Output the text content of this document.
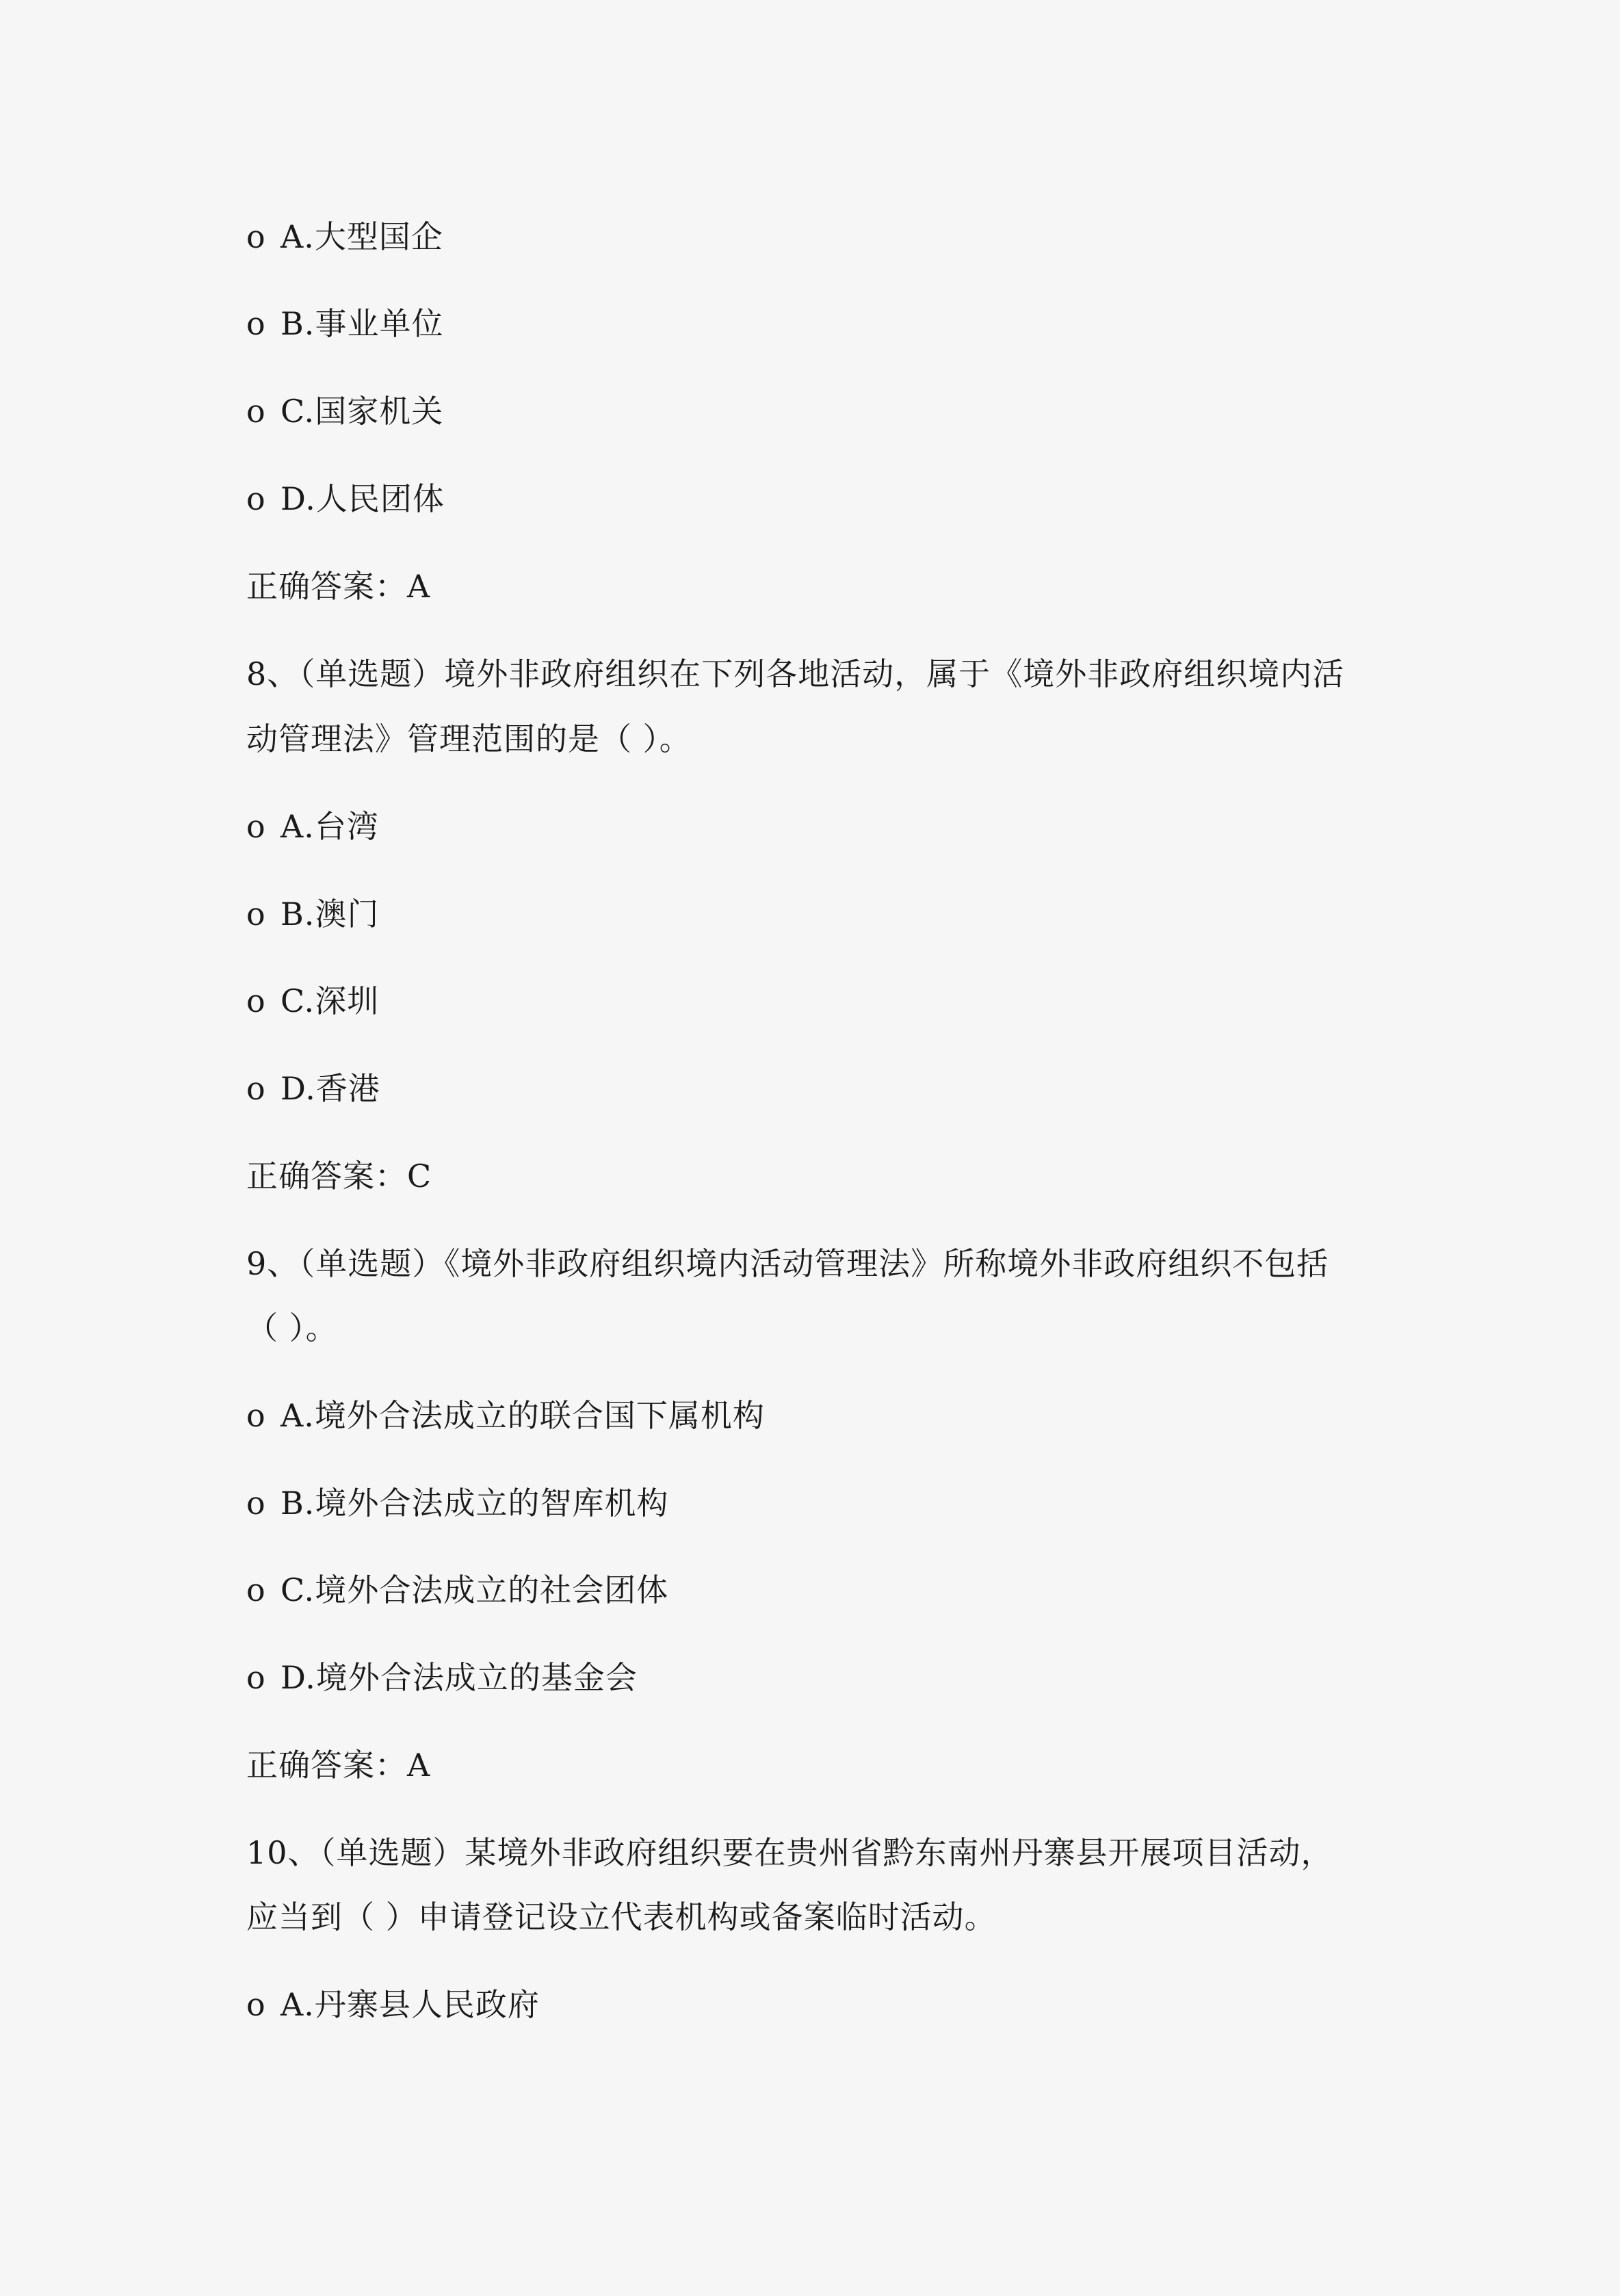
o A.大型国企
o B.事业单位
o C.国家机关
o D.人民团体
正确答案：A
8、（单选题）境外非政府组织在下列各地活动，属于《境外非政府组织境内活
动管理法》管理范围的是（ ）。
o A.台湾
o B.澳门
o C.深圳
o D.香港
正确答案：C
9、（单选题）《境外非政府组织境内活动管理法》所称境外非政府组织不包括
（ ）。
o A.境外合法成立的联合国下属机构
o B.境外合法成立的智库机构
o C.境外合法成立的社会团体
o D.境外合法成立的基金会
正确答案：A
10、（单选题）某境外非政府组织要在贵州省黔东南州丹寨县开展项目活动，
应当到（ ）申请登记设立代表机构或备案临时活动。
o A.丹寨县人民政府
